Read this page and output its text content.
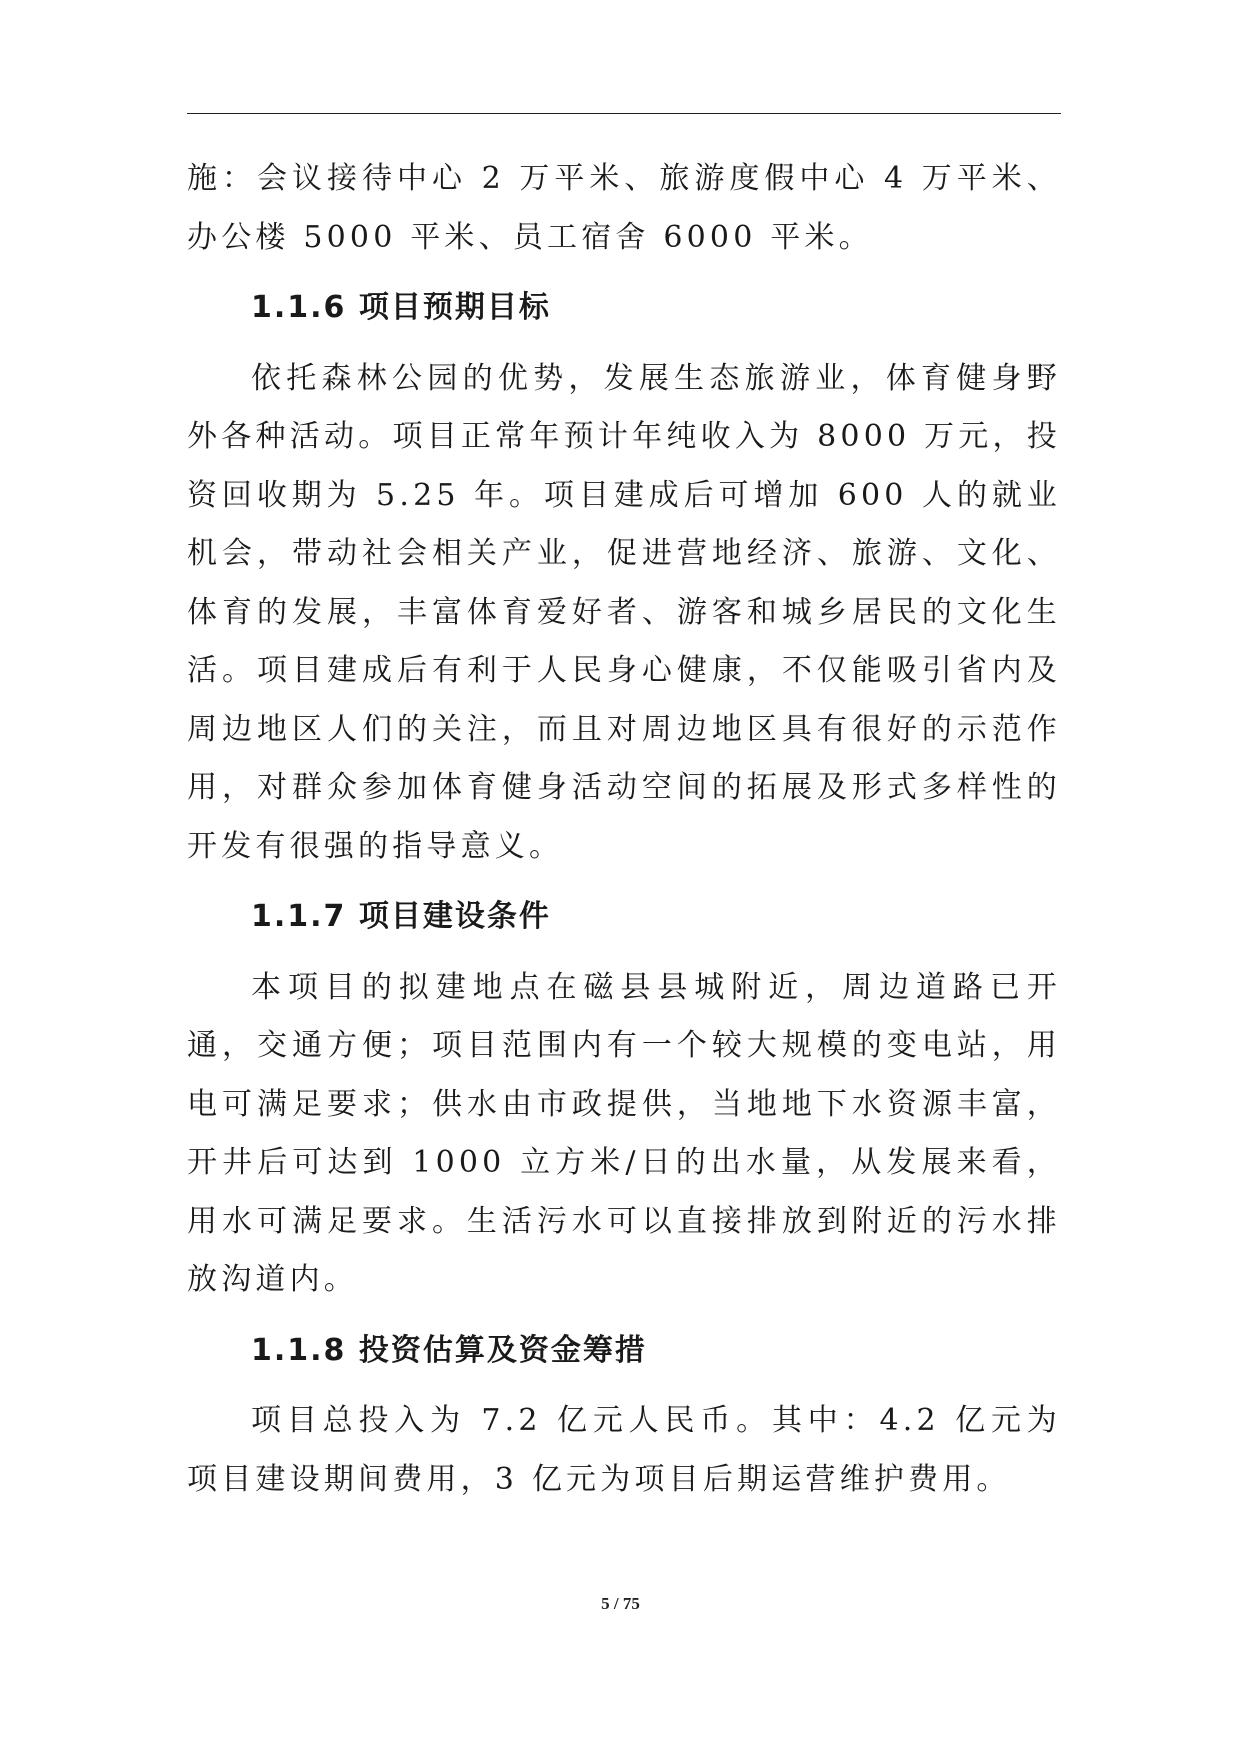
施：会议接待中心 2 万平米、旅游度假中心 4 万平米、办公楼 5000 平米、员工宿舍 6000 平米。

1.1.6 项目预期目标

依托森林公园的优势，发展生态旅游业，体育健身野外各种活动。项目正常年预计年纯收入为 8000 万元，投资回收期为 5.25 年。项目建成后可增加 600 人的就业机会，带动社会相关产业，促进营地经济、旅游、文化、体育的发展，丰富体育爱好者、游客和城乡居民的文化生活。项目建成后有利于人民身心健康，不仅能吸引省内及周边地区人们的关注，而且对周边地区具有很好的示范作用，对群众参加体育健身活动空间的拓展及形式多样性的开发有很强的指导意义。

1.1.7 项目建设条件

本项目的拟建地点在磁县县城附近，周边道路已开通，交通方便；项目范围内有一个较大规模的变电站，用电可满足要求；供水由市政提供，当地地下水资源丰富，开井后可达到 1000 立方米/日的出水量，从发展来看，用水可满足要求。生活污水可以直接排放到附近的污水排放沟道内。

1.1.8 投资估算及资金筹措

项目总投入为 7.2 亿元人民币。其中：4.2 亿元为项目建设期间费用，3 亿元为项目后期运营维护费用。

5 / 75
